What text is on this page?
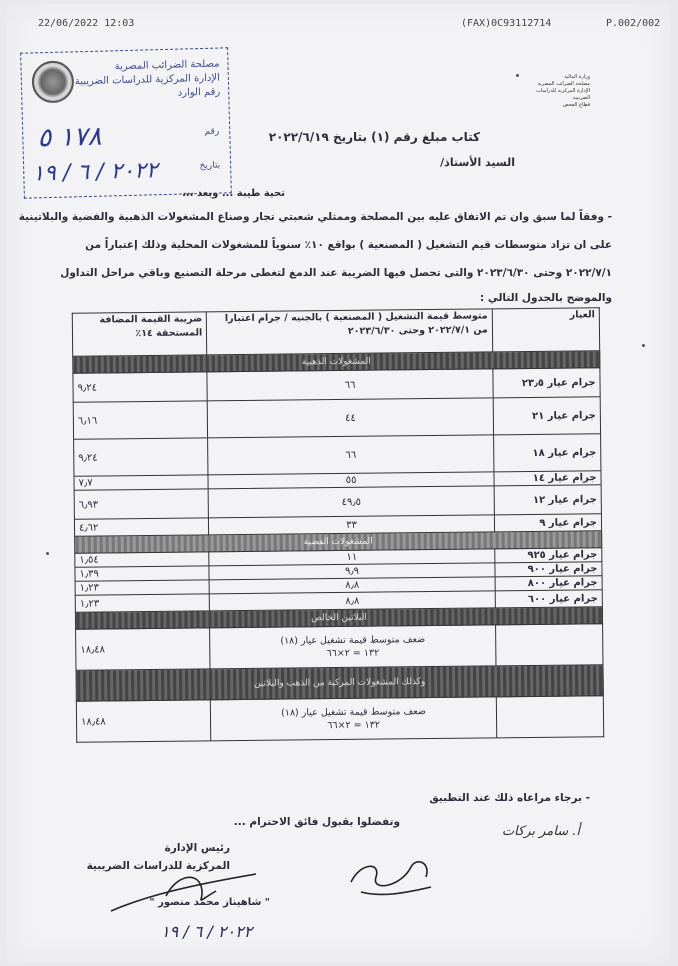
22/06/2022 12:03	(FAX)0C93112714	P.002/002
مصلحة الضرائب المصرية
الإدارة المركزية للدراسات الضريبية
رقم الوارد
رقم
١٧٨ ٥
بتاريخ
٢٠٢٢ / ٦ / ١٩
وزارة المالية
مصلحة الضرائب المصرية
الإدارة المركزية للدراسات الضريبية
قطاع الفحص
كتاب مبلغ رقم (١) بتاريخ ٢٠٢٢/٦/١٩
السيد الأستاذ/
تحية طيبة ... وبعد ،،،
- وفقاً لما سبق وان تم الاتفاق عليه بين المصلحة وممثلي شعبتي تجار وصناع المشغولات الذهبية والفضية والبلاتينية
على ان تزاد متوسطات قيم التشغيل ( المصنعية ) بواقع ١٠٪ سنوياً للمشغولات المحلية وذلك إعتباراً من
٢٠٢٢/٧/١ وحتى ٢٠٢٣/٦/٣٠ والتى تحصل فيها الضريبة عند الدمغ لتغطى مرحلة التصنيع وباقي مراحل التداول
والموضح بالجدول التالي :
العيار	متوسط قيمة التشغيل ( المصنعية ) بالجنيه / جرام اعتبارا من ٢٠٢٢/٧/١ وحتى ٢٠٢٣/٦/٣٠	ضريبة القيمة المضافة المستحقة ١٤٪
المشغولات الذهبية		
جرام عيار ٢٣٫٥	٦٦	٩٫٢٤
جرام عيار ٢١	٤٤	٦٫١٦
جرام عيار ١٨	٦٦	٩٫٢٤
جرام عيار ١٤	٥٥	٧٫٧
جرام عيار ١٢	٤٩٫٥	٦٫٩٣
جرام عيار ٩	٣٣	٤٫٦٢
المشغولات الفضية		
جرام عيار ٩٢٥	١١	١٫٥٤
جرام عيار ٩٠٠	٩٫٩	١٫٣٩
جرام عيار ٨٠٠	٨٫٨	١٫٢٣
جرام عيار ٦٠٠	٨٫٨	١٫٢٣
البلاتين الخالص		

	ضعف متوسط قيمة تشغيل عيار (١٨)
١٣٢ = ٢×٦٦	١٨٫٤٨
وكذلك المشغولات المركبة من الذهب والبلاتين		

	ضعف متوسط قيمة تشغيل عيار (١٨)
١٣٢ = ٢×٦٦	١٨٫٤٨
- برجاء مراعاه ذلك عند التطبيق
وتفضلوا بقبول فائق الاحترام ...
أ. سامر بركات
رئيس الإدارة
المركزية للدراسات الضريبية
" شاهيناز محمد منصور "
٢٠٢٢ / ٦ / ١٩
